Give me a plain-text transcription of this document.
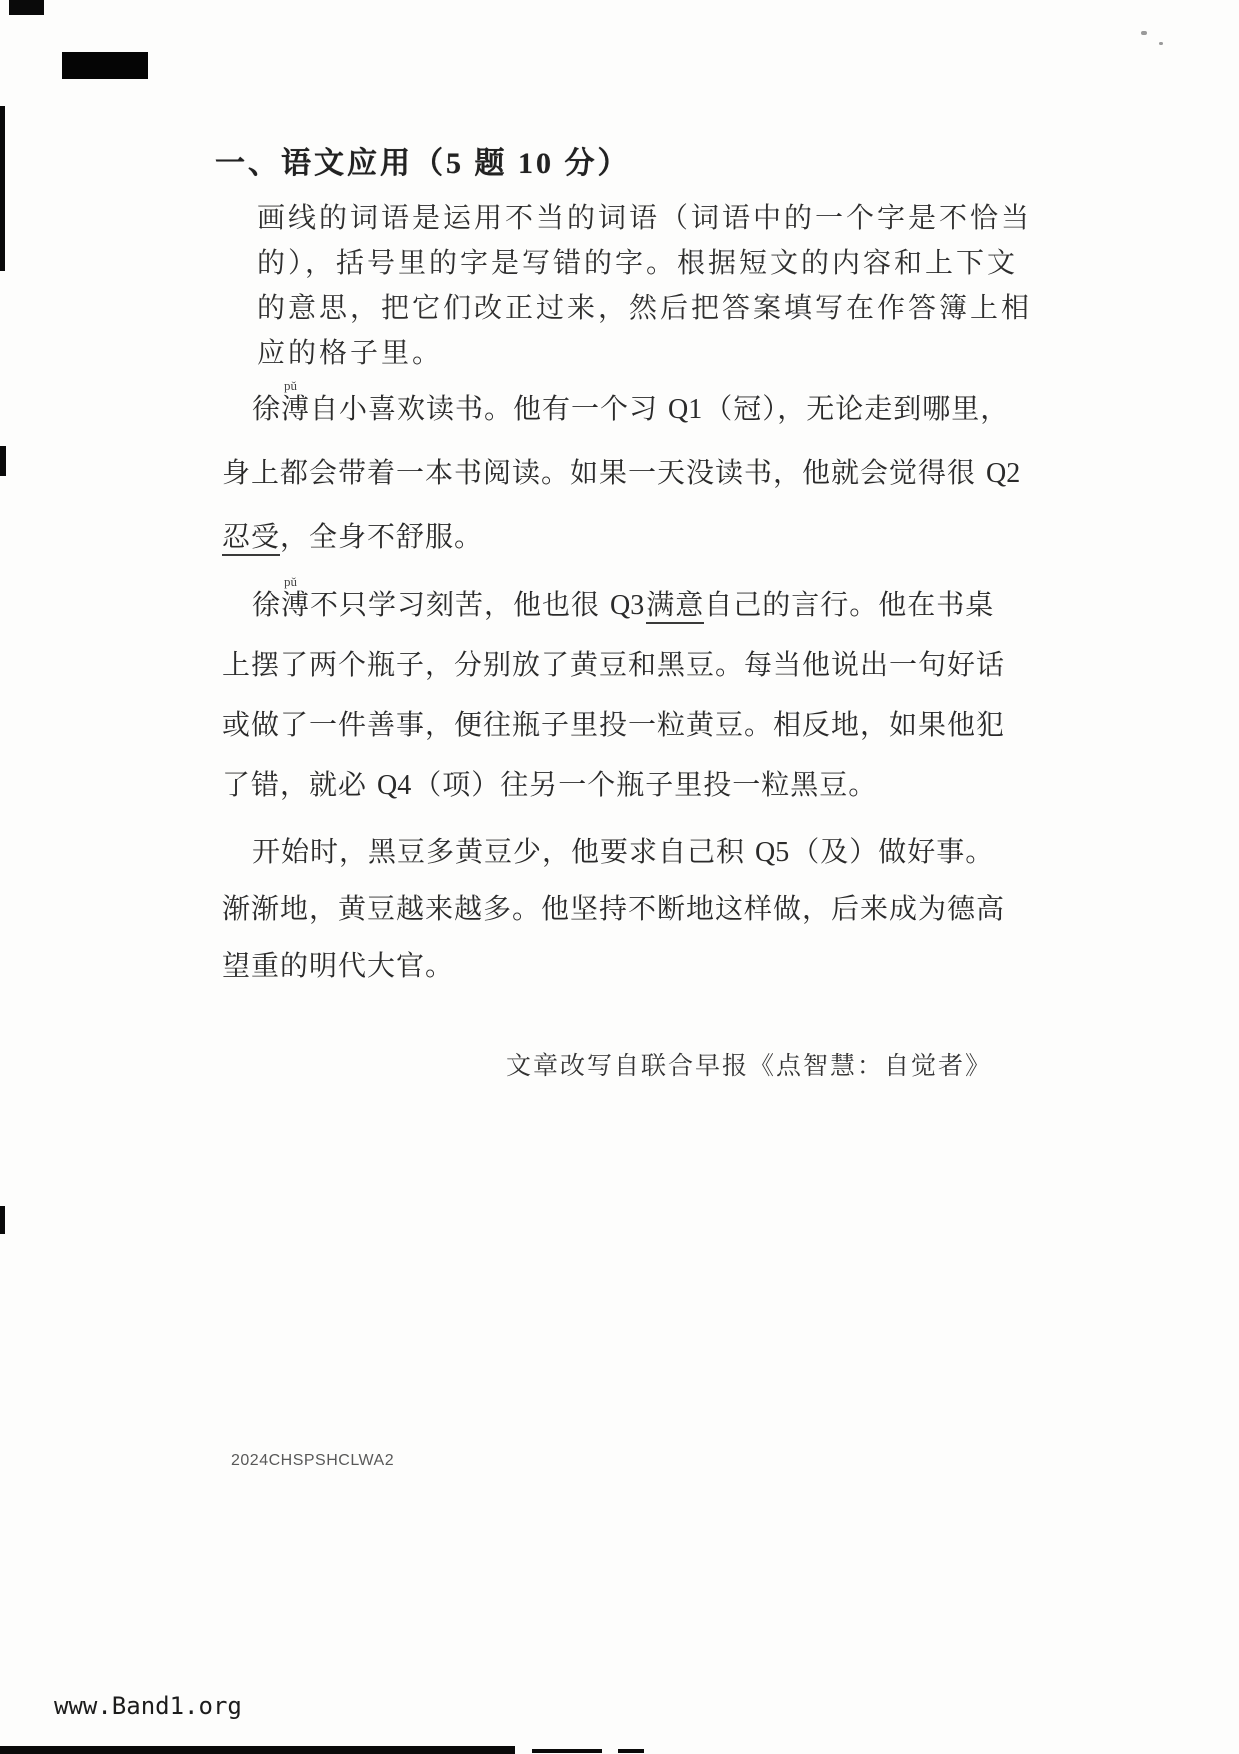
一、语文应用（5 题 10 分）
画线的词语是运用不当的词语（词语中的一个字是不恰当
的），括号里的字是写错的字。根据短文的内容和上下文
的意思，把它们改正过来，然后把答案填写在作答簿上相
应的格子里。
徐溥
pǔ
自小喜欢读书。他有一个习 Q1（冠），无论走到哪里，
身上都会带着一本书阅读。如果一天没读书，他就会觉得很 Q2
忍受，全身不舒服。
徐溥
pǔ
不只学习刻苦，他也很 Q3满意自己的言行。他在书桌
上摆了两个瓶子，分别放了黄豆和黑豆。每当他说出一句好话
或做了一件善事，便往瓶子里投一粒黄豆。相反地，如果他犯
了错，就必 Q4（项）往另一个瓶子里投一粒黑豆。
开始时，黑豆多黄豆少，他要求自己积 Q5（及）做好事。
渐渐地，黄豆越来越多。他坚持不断地这样做，后来成为德高
望重的明代大官。
文章改写自联合早报《点智慧：自觉者》
2024CHSPSHCLWA2
www.Band1.org
